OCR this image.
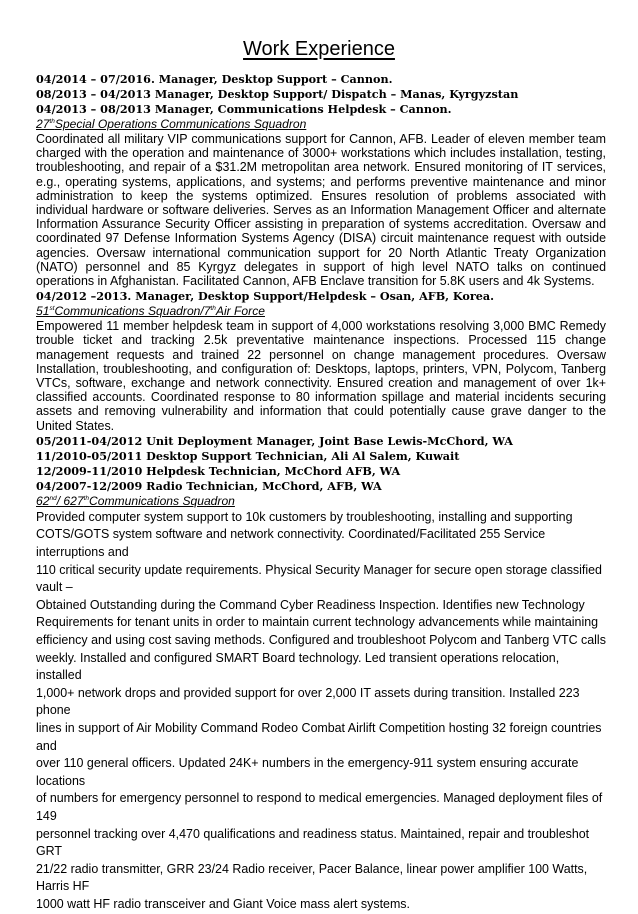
Work Experience
04/2014 – 07/2016. Manager, Desktop Support – Cannon.
08/2013 – 04/2013 Manager, Desktop Support/ Dispatch – Manas, Kyrgyzstan
04/2013 – 08/2013 Manager, Communications Helpdesk – Cannon.
27thSpecial Operations Communications Squadron

Coordinated all military VIP communications support for Cannon, AFB. Leader of eleven member team charged with the operation and maintenance of 3000+ workstations which includes installation, testing, troubleshooting, and repair of a $31.2M metropolitan area network. Ensured monitoring of IT services, e.g., operating systems, applications, and systems; and performs preventive maintenance and minor administration to keep the systems optimized. Ensures resolution of problems associated with individual hardware or software deliveries. Serves as an Information Management Officer and alternate Information Assurance Security Officer assisting in preparation of systems accreditation. Oversaw and coordinated 97 Defense Information Systems Agency (DISA) circuit maintenance request with outside agencies. Oversaw international communication support for 20 North Atlantic Treaty Organization (NATO) personnel and 85 Kyrgyz delegates in support of high level NATO talks on continued operations in Afghanistan. Facilitated Cannon, AFB Enclave transition for 5.8K users and 4k Systems.

04/2012 –2013. Manager, Desktop Support/Helpdesk – Osan, AFB, Korea.
51stCommunications Squadron/7thAir Force

Empowered 11 member helpdesk team in support of 4,000 workstations resolving 3,000 BMC Remedy trouble ticket and tracking 2.5k preventative maintenance inspections. Processed 115 change management requests and trained 22 personnel on change management procedures. Oversaw Installation, troubleshooting, and configuration of: Desktops, laptops, printers, VPN, Polycom, Tanberg VTCs, software, exchange and network connectivity. Ensured creation and management of over 1k+ classified accounts. Coordinated response to 80 information spillage and material incidents securing assets and removing vulnerability and information that could potentially cause grave danger to the United States.

05/2011-04/2012 Unit Deployment Manager, Joint Base Lewis-McChord, WA
11/2010-05/2011 Desktop Support Technician, Ali Al Salem, Kuwait
12/2009-11/2010 Helpdesk Technician, McChord AFB, WA
04/2007-12/2009 Radio Technician, McChord, AFB, WA
62nd/ 627thCommunications Squadron
Provided computer system support to 10k customers by troubleshooting, installing and supporting
COTS/GOTS system software and network connectivity. Coordinated/Facilitated 255 Service interruptions and
110 critical security update requirements. Physical Security Manager for secure open storage classified vault –
Obtained Outstanding during the Command Cyber Readiness Inspection. Identifies new Technology
Requirements for tenant units in order to maintain current technology advancements while maintaining
efficiency and using cost saving methods. Configured and troubleshoot Polycom and Tanberg VTC calls
weekly. Installed and configured SMART Board technology. Led transient operations relocation, installed
1,000+ network drops and provided support for over 2,000 IT assets during transition. Installed 223 phone
lines in support of Air Mobility Command Rodeo Combat Airlift Competition hosting 32 foreign countries and
over 110 general officers. Updated 24K+ numbers in the emergency-911 system ensuring accurate locations
of numbers for emergency personnel to respond to medical emergencies. Managed deployment files of 149
personnel tracking over 4,470 qualifications and readiness status. Maintained, repair and troubleshot GRT
21/22 radio transmitter, GRR 23/24 Radio receiver, Pacer Balance, linear power amplifier 100 Watts, Harris HF
1000 watt HF radio transceiver and Giant Voice mass alert systems.
